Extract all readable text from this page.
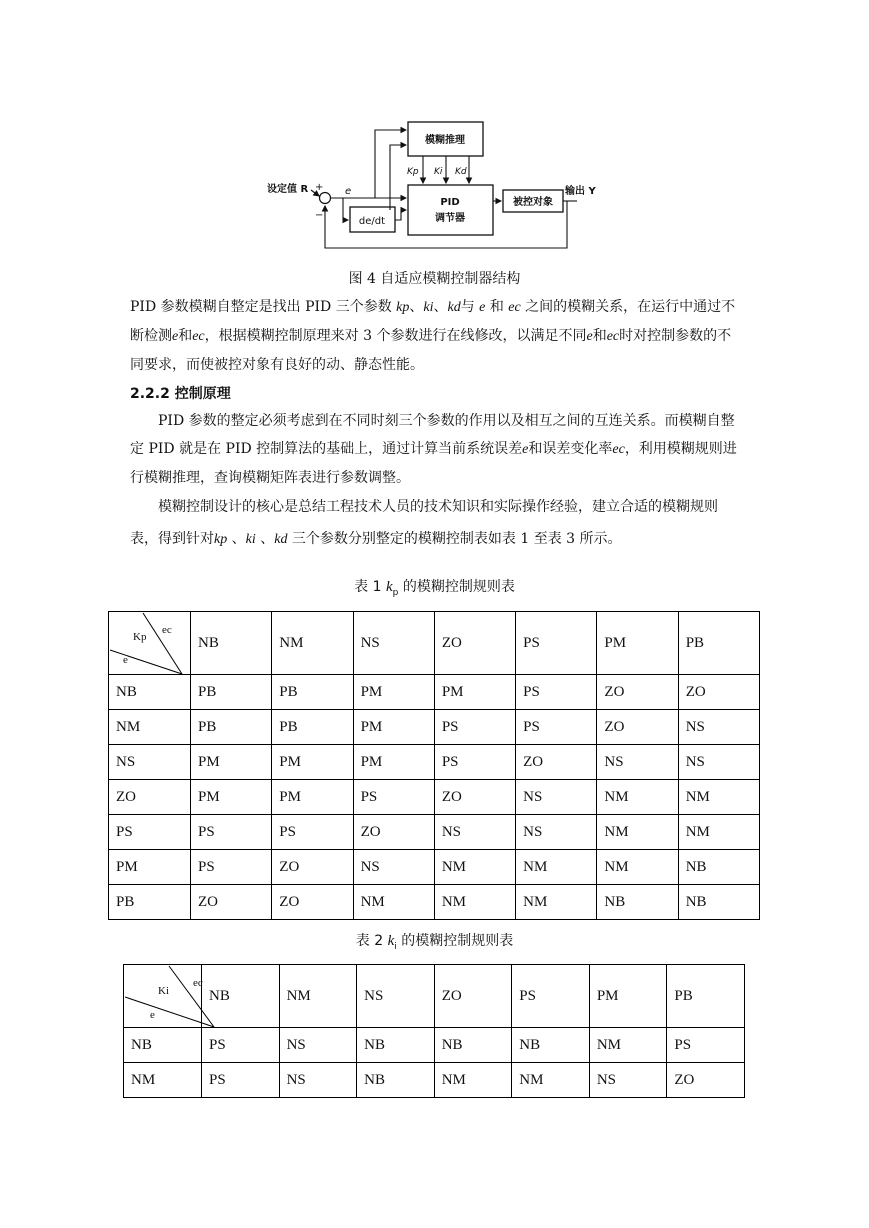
模糊推理
PID
调节器
被控对象
de/dt
设定值 R	输出 Y
e
+
−
Kp Ki Kd
图 4 自适应模糊控制器结构

PID 参数模糊自整定是找出 PID 三个参数 kp、ki、kd与 e 和 ec 之间的模糊关系，在运行中通过不断检测e和ec，根据模糊控制原理来对 3 个参数进行在线修改，以满足不同e和ec时对控制参数的不同要求，而使被控对象有良好的动、静态性能。

2.2.2 控制原理

PID 参数的整定必须考虑到在不同时刻三个参数的作用以及相互之间的互连关系。而模糊自整定 PID 就是在 PID 控制算法的基础上，通过计算当前系统误差e和误差变化率ec，利用模糊规则进行模糊推理，查询模糊矩阵表进行参数调整。

模糊控制设计的核心是总结工程技术人员的技术知识和实际操作经验，建立合适的模糊规则表，得到针对kp 、ki 、kd 三个参数分别整定的模糊控制表如表 1 至表 3 所示。

表 1 $k_p$ 的模糊控制规则表
Kp
ec
e	NB	NM	NS	ZO	PS	PM	PB
NB	PB	PB	PM	PM	PS	ZO	ZO
NM	PB	PB	PM	PS	PS	ZO	NS
NS	PM	PM	PM	PS	ZO	NS	NS
ZO	PM	PM	PS	ZO	NS	NM	NM
PS	PS	PS	ZO	NS	NS	NM	NM
PM	PS	ZO	NS	NM	NM	NM	NB
PB	ZO	ZO	NM	NM	NM	NB	NB
表 2 $k_i$ 的模糊控制规则表
Ki
ec
e	NB	NM	NS	ZO	PS	PM	PB
NB	PS	NS	NB	NB	NB	NM	PS
NM	PS	NS	NB	NM	NM	NS	ZO
